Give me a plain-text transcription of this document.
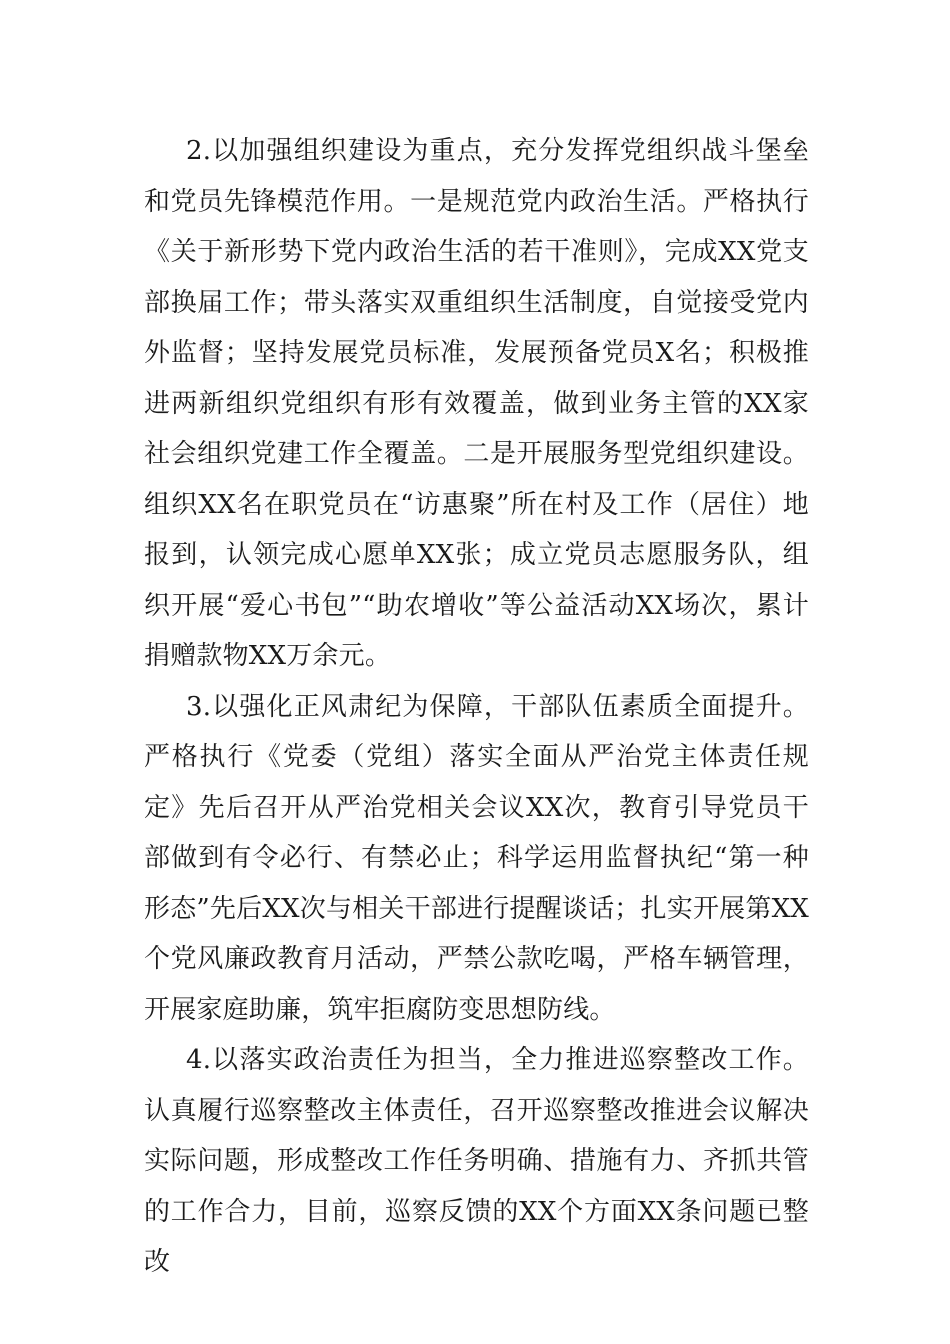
2.以加强组织建设为重点，充分发挥党组织战斗堡垒和党员先锋模范作用。一是规范党内政治生活。严格执行《关于新形势下党内政治生活的若干准则》，完成XX党支部换届工作；带头落实双重组织生活制度，自觉接受党内外监督；坚持发展党员标准，发展预备党员X名；积极推进两新组织党组织有形有效覆盖，做到业务主管的XX家社会组织党建工作全覆盖。二是开展服务型党组织建设。组织XX名在职党员在“访惠聚”所在村及工作（居住）地报到，认领完成心愿单XX张；成立党员志愿服务队，组织开展“爱心书包”“助农增收”等公益活动XX场次，累计捐赠款物XX万余元。

3.以强化正风肃纪为保障，干部队伍素质全面提升。严格执行《党委（党组）落实全面从严治党主体责任规定》先后召开从严治党相关会议XX次，教育引导党员干部做到有令必行、有禁必止；科学运用监督执纪“第一种形态”先后XX次与相关干部进行提醒谈话；扎实开展第XX个党风廉政教育月活动，严禁公款吃喝，严格车辆管理，开展家庭助廉，筑牢拒腐防变思想防线。

4.以落实政治责任为担当，全力推进巡察整改工作。认真履行巡察整改主体责任，召开巡察整改推进会议解决实际问题，形成整改工作任务明确、措施有力、齐抓共管的工作合力，目前，巡察反馈的XX个方面XX条问题已整改
